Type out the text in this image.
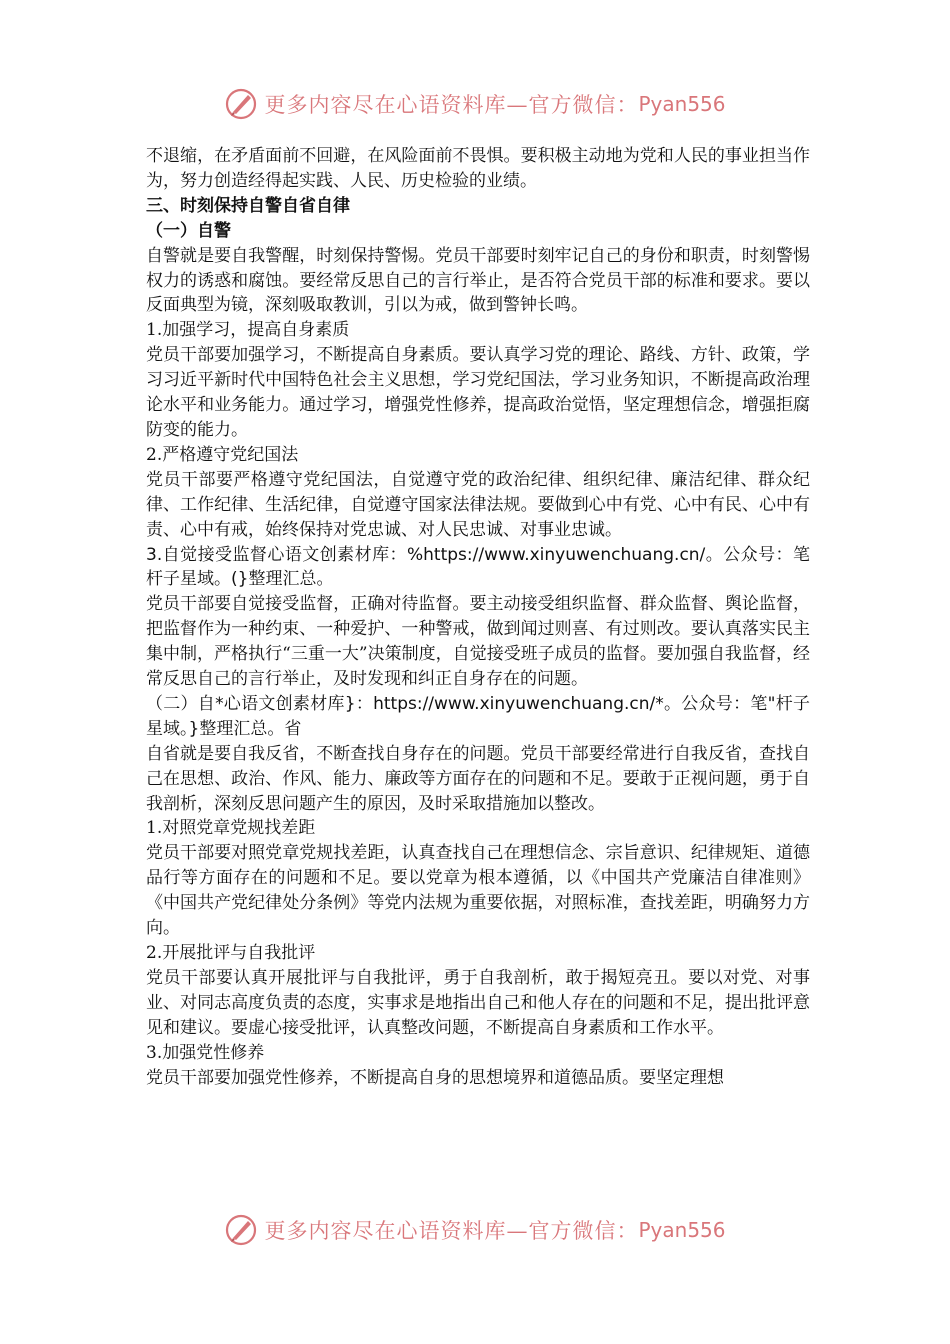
更多内容尽在心语资料库—官方微信： Pyan556

不退缩，在矛盾面前不回避，在风险面前不畏惧。要积极主动地为党和人民的事业担当作为，努力创造经得起实践、人民、历史检验的业绩。

三、时刻保持自警自省自律

（一）自警

自警就是要自我警醒，时刻保持警惕。党员干部要时刻牢记自己的身份和职责，时刻警惕权力的诱惑和腐蚀。要经常反思自己的言行举止，是否符合党员干部的标准和要求。要以反面典型为镜，深刻吸取教训，引以为戒，做到警钟长鸣。

1.加强学习，提高自身素质

党员干部要加强学习，不断提高自身素质。要认真学习党的理论、路线、方针、政策，学习习近平新时代中国特色社会主义思想，学习党纪国法，学习业务知识，不断提高政治理论水平和业务能力。通过学习，增强党性修养，提高政治觉悟，坚定理想信念，增强拒腐防变的能力。

2.严格遵守党纪国法

党员干部要严格遵守党纪国法，自觉遵守党的政治纪律、组织纪律、廉洁纪律、群众纪律、工作纪律、生活纪律，自觉遵守国家法律法规。要做到心中有党、心中有民、心中有责、心中有戒，始终保持对党忠诚、对人民忠诚、对事业忠诚。

3.自觉接受监督心语文创素材库：%https://www.xinyuwenchuang.cn/。公众号：笔杆子星域。(}整理汇总。

党员干部要自觉接受监督，正确对待监督。要主动接受组织监督、群众监督、舆论监督，把监督作为一种约束、一种爱护、一种警戒，做到闻过则喜、有过则改。要认真落实民主集中制，严格执行“三重一大”决策制度，自觉接受班子成员的监督。要加强自我监督，经常反思自己的言行举止，及时发现和纠正自身存在的问题。

（二）自*心语文创素材库}：https://www.xinyuwenchuang.cn/*。公众号：笔"杆子星域。}整理汇总。省

自省就是要自我反省，不断查找自身存在的问题。党员干部要经常进行自我反省，查找自己在思想、政治、作风、能力、廉政等方面存在的问题和不足。要敢于正视问题，勇于自我剖析，深刻反思问题产生的原因，及时采取措施加以整改。

1.对照党章党规找差距

党员干部要对照党章党规找差距，认真查找自己在理想信念、宗旨意识、纪律规矩、道德品行等方面存在的问题和不足。要以党章为根本遵循，以《中国共产党廉洁自律准则》《中国共产党纪律处分条例》等党内法规为重要依据，对照标准，查找差距，明确努力方向。

2.开展批评与自我批评

党员干部要认真开展批评与自我批评，勇于自我剖析，敢于揭短亮丑。要以对党、对事业、对同志高度负责的态度，实事求是地指出自己和他人存在的问题和不足，提出批评意见和建议。要虚心接受批评，认真整改问题，不断提高自身素质和工作水平。

3.加强党性修养

党员干部要加强党性修养，不断提高自身的思想境界和道德品质。要坚定理想

更多内容尽在心语资料库—官方微信： Pyan556
